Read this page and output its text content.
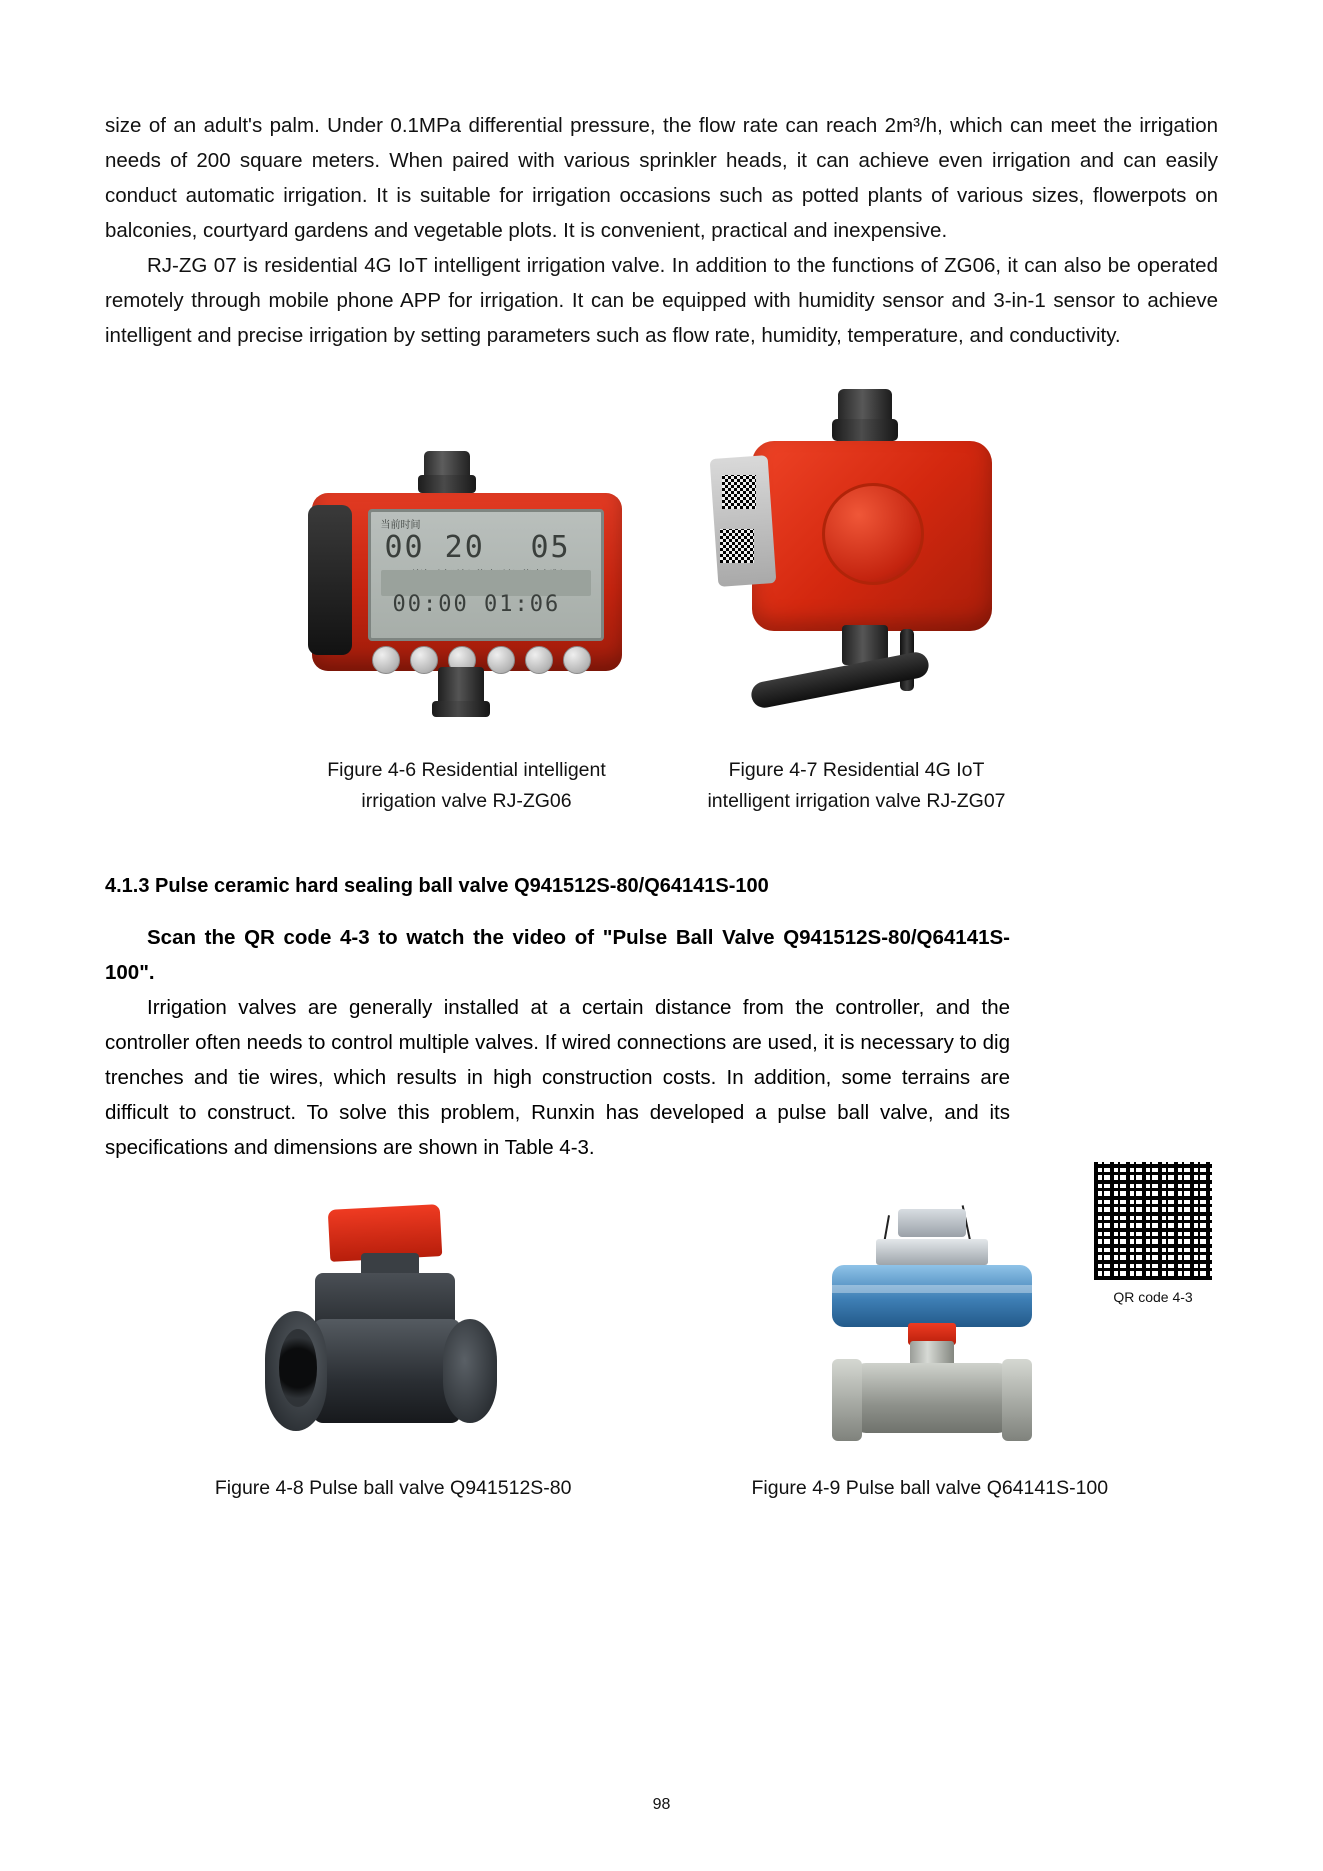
size of an adult's palm. Under 0.1MPa differential pressure, the flow rate can reach 2m³/h, which can meet the irrigation needs of 200 square meters. When paired with various sprinkler heads, it can achieve even irrigation and can easily conduct automatic irrigation. It is suitable for irrigation occasions such as potted plants of various sizes, flowerpots on balconies, courtyard gardens and vegetable plots. It is convenient, practical and inexpensive.

RJ-ZG 07 is residential 4G IoT intelligent irrigation valve. In addition to the functions of ZG06, it can also be operated remotely through mobile phone APP for irrigation. It can be equipped with humidity sensor and 3-in-1 sensor to achieve intelligent and precise irrigation by setting parameters such as flow rate, humidity, temperature, and conductivity.

当前时间
00 20 05
00:00 01:06
Figure 4-6 Residential intelligent
irrigation valve RJ-ZG06
Figure 4-7 Residential 4G IoT
intelligent irrigation valve RJ-ZG07
4.1.3 Pulse ceramic hard sealing ball valve Q941512S-80/Q64141S-100
QR code 4-3

Scan the QR code 4-3 to watch the video of "Pulse Ball Valve Q941512S-80/Q64141S-100".

Irrigation valves are generally installed at a certain distance from the controller, and the controller often needs to control multiple valves. If wired connections are used, it is necessary to dig trenches and tie wires, which results in high construction costs. In addition, some terrains are difficult to construct. To solve this problem, Runxin has developed a pulse ball valve, and its specifications and dimensions are shown in Table 4-3.

Figure 4-8 Pulse ball valve Q941512S-80	Figure 4-9 Pulse ball valve Q64141S-100
98
